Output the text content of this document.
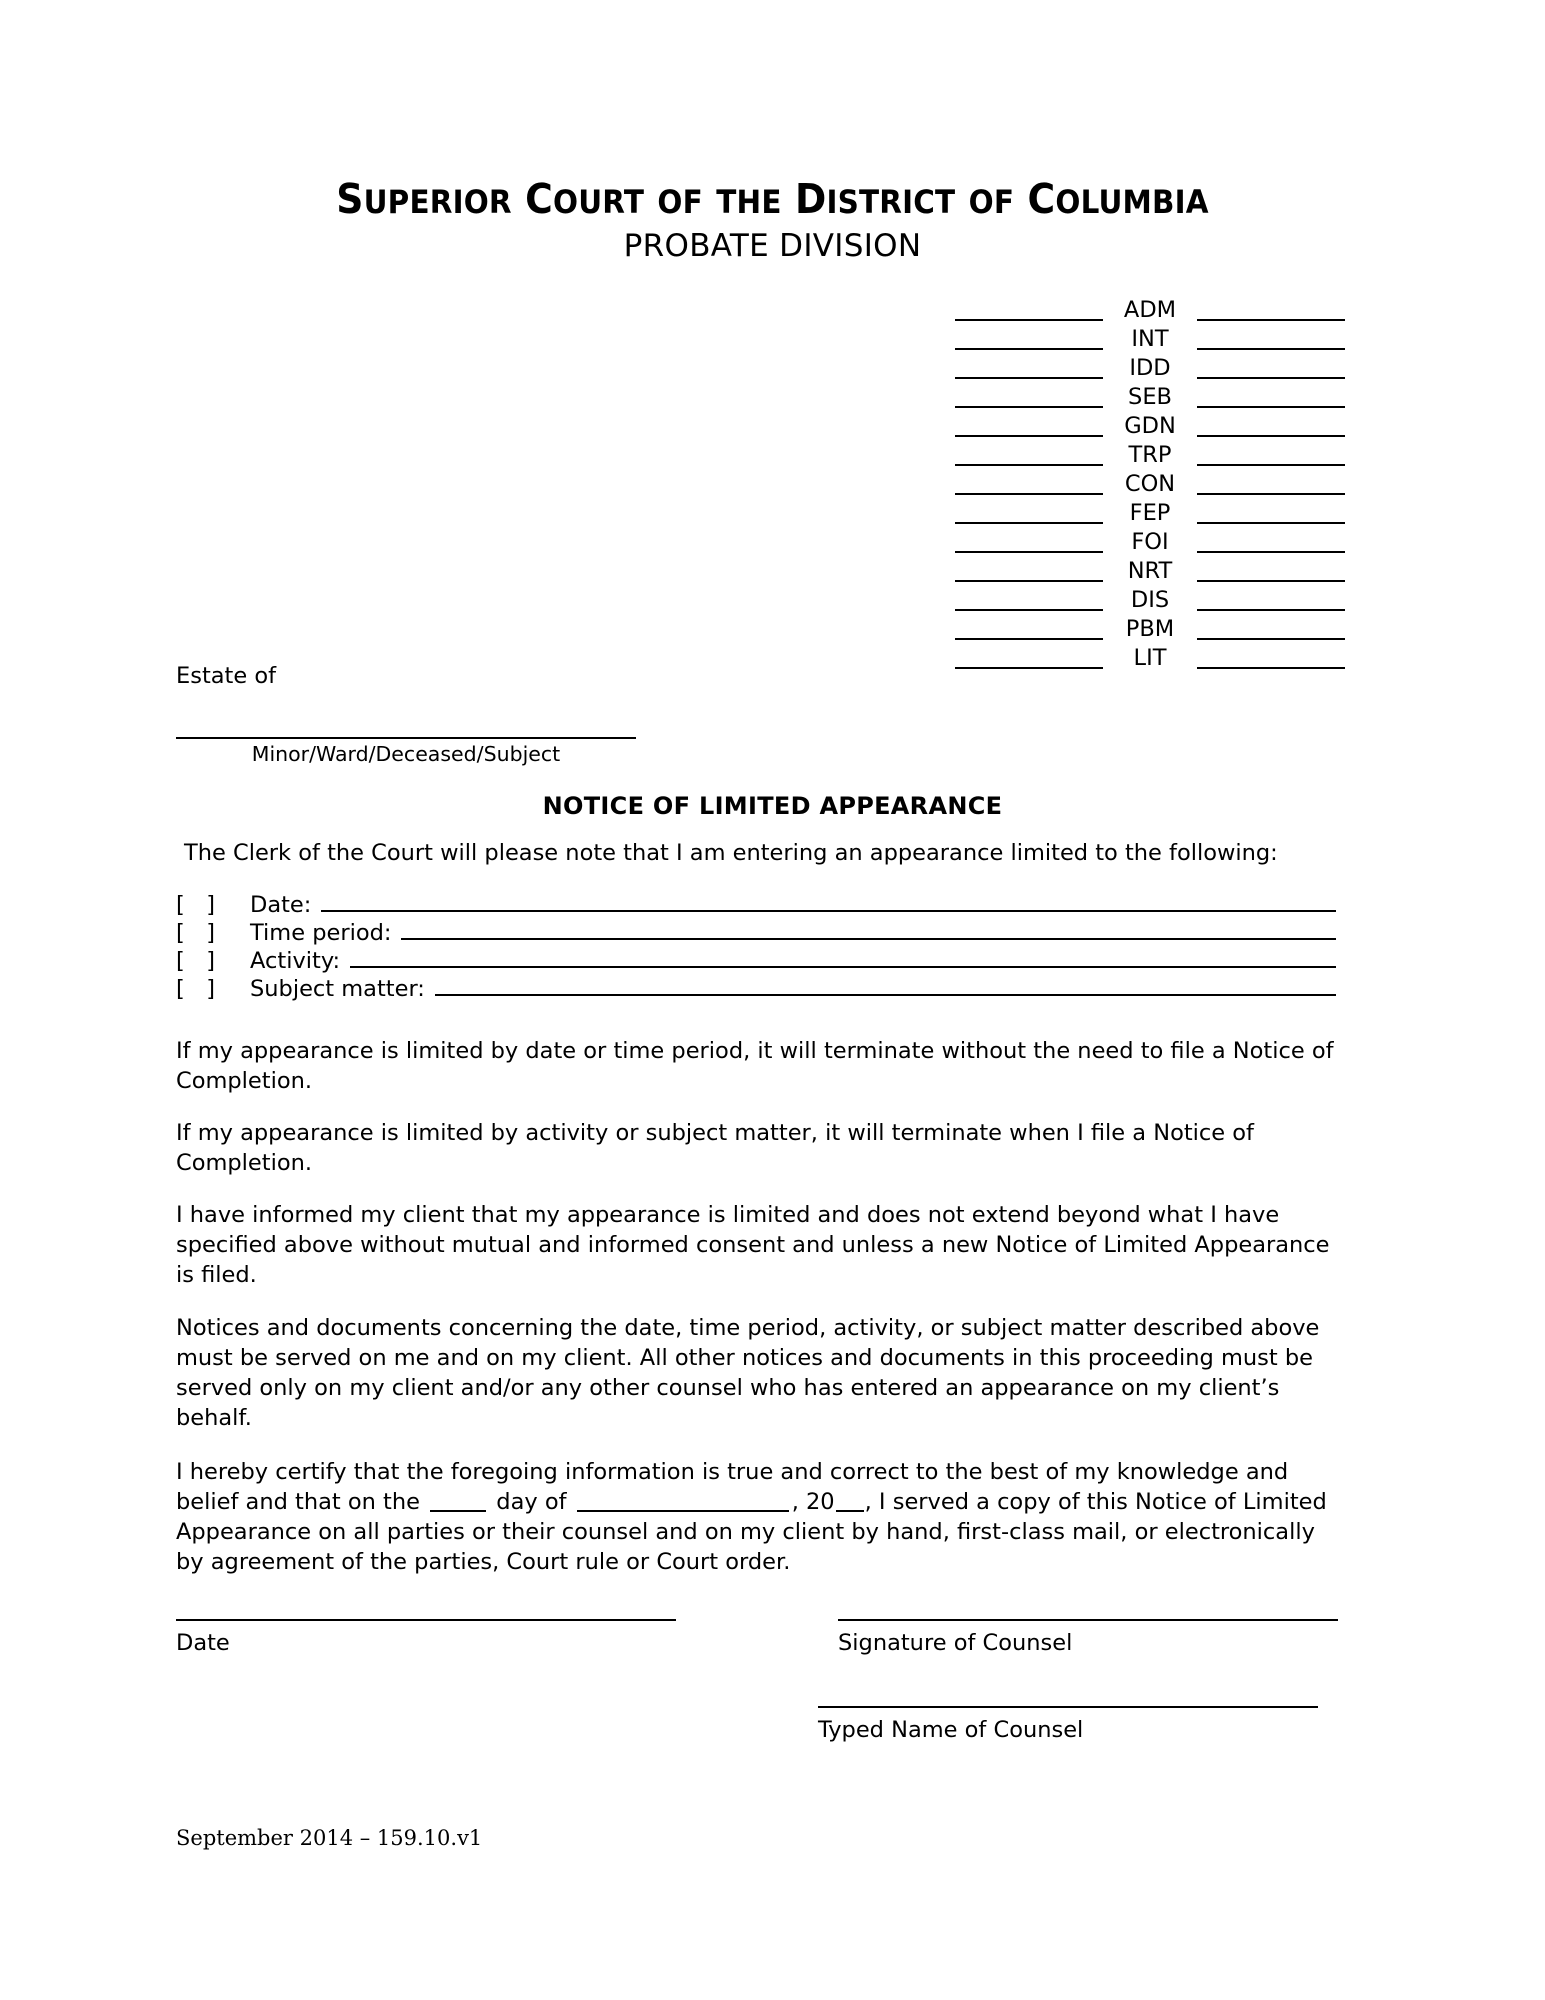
SUPERIOR COURT OF THE DISTRICT OF COLUMBIA
PROBATE DIVISION
ADM
INT
IDD
SEB
GDN
TRP
CON
FEP
FOI
NRT
DIS
PBM
LIT
Estate of
Minor/Ward/Deceased/Subject
NOTICE OF LIMITED APPEARANCE
The Clerk of the Court will please note that I am entering an appearance limited to the following:
[   ]	Date:
[   ]	Time period:
[   ]	Activity:
[   ]	Subject matter:
If my appearance is limited by date or time period, it will terminate without the need to file a Notice of Completion.
If my appearance is limited by activity or subject matter, it will terminate when I file a Notice of Completion.
I have informed my client that my appearance is limited and does not extend beyond what I have specified above without mutual and informed consent and unless a new Notice of Limited Appearance is filed.
Notices and documents concerning the date, time period, activity, or subject matter described above must be served on me and on my client. All other notices and documents in this proceeding must be served only on my client and/or any other counsel who has entered an appearance on my client’s behalf.
I hereby certify that the foregoing information is true and correct to the best of my knowledge and belief and that on the	day of	, 20 , I served a copy of this Notice of Limited Appearance on all parties or their counsel and on my client by hand, first-class mail, or electronically by agreement of the parties, Court rule or Court order.
Date	Signature of Counsel
Typed Name of Counsel
September 2014 – 159.10.v1
